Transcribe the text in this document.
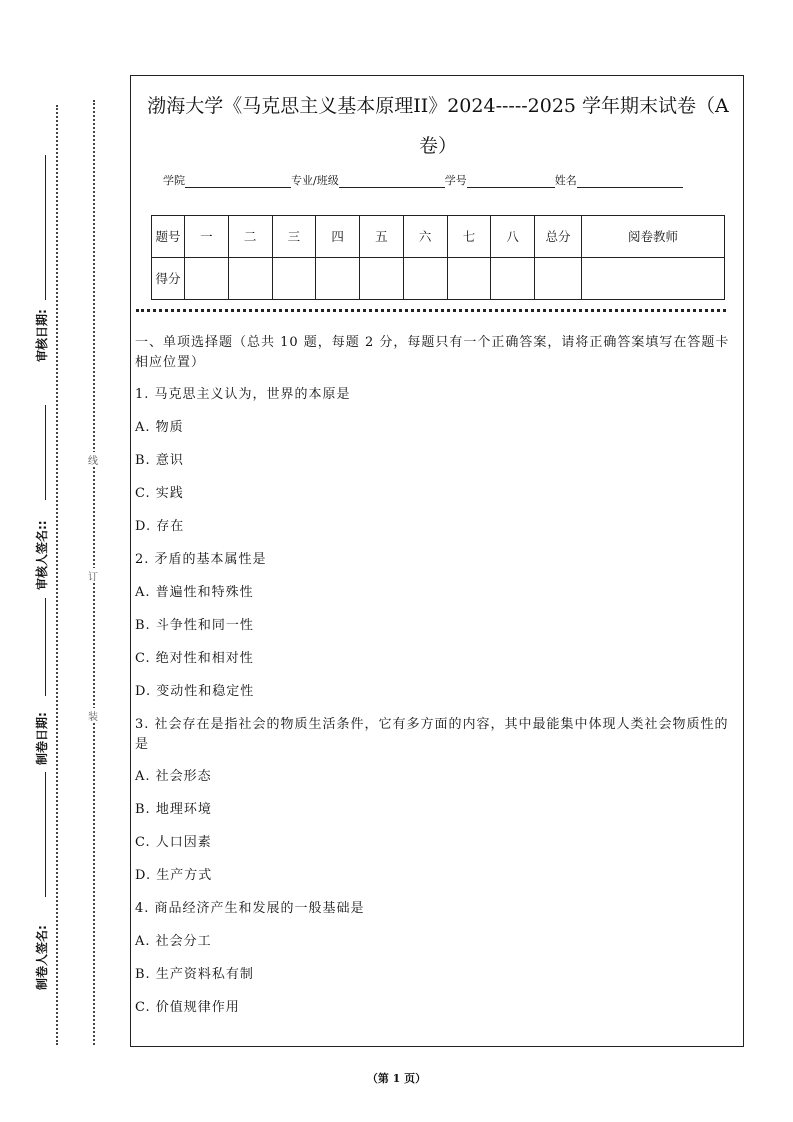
审核日期:
审核人签名::
制卷日期:
制卷人签名:
线
订
装
渤海大学《马克思主义基本原理II》2024-----2025 学年期末试卷（A
卷）
学院	专业/班级	学号	姓名
题号	一	二	三	四	五	六	七	八	总分	阅卷教师
得分										
一、单项选择题（总共 10 题，每题 2 分，每题只有一个正确答案，请将正确答案填写在答题卡相应位置）
1. 马克思主义认为，世界的本原是
A. 物质
B. 意识
C. 实践
D. 存在
2. 矛盾的基本属性是
A. 普遍性和特殊性
B. 斗争性和同一性
C. 绝对性和相对性
D. 变动性和稳定性
3. 社会存在是指社会的物质生活条件，它有多方面的内容，其中最能集中体现人类社会物质性的是
A. 社会形态
B. 地理环境
C. 人口因素
D. 生产方式
4. 商品经济产生和发展的一般基础是
A. 社会分工
B. 生产资料私有制
C. 价值规律作用
（第 1 页）
